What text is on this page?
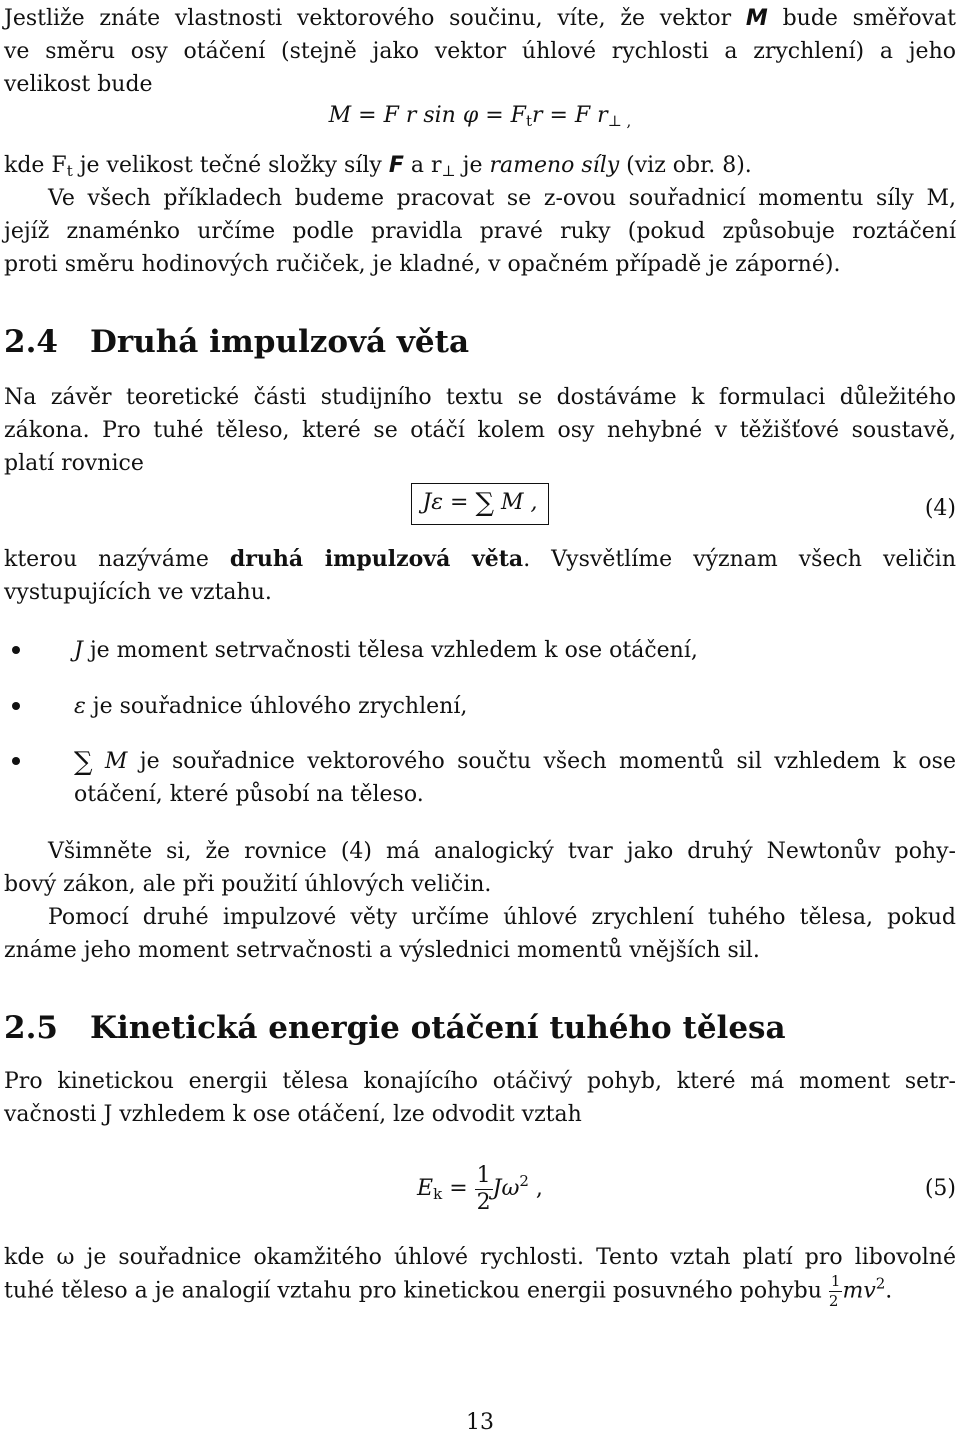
Jestliže znáte vlastnosti vektorového součinu, víte, že vektor M bude směřovat
ve směru osy otáčení (stejně jako vektor úhlové rychlosti a zrychlení) a jeho
velikost bude
M = F r $\sin \varphi = F_tr = F$ $r_{\perp ,}$
kde $F_t$ je velikost tečné složky síly F a $r_\perp$ je rameno síly (viz obr. 8).
Ve všech příkladech budeme pracovat se z-ovou souřadnicí momentu síly M,
jejíž znaménko určíme podle pravidla pravé ruky (pokud způsobuje roztáčení
proti směru hodinových ručiček, je kladné, v opačném případě je záporné).
2.4 Druhá impulzová věta
Na závěr teoretické části studijního textu se dostáváme k formulaci důležitého
zákona. Pro tuhé těleso, které se otáčí kolem osy nehybné v těžišťové soustavě,
platí rovnice
Jε = ∑ M ,	(4)
kterou nazýváme druhá impulzová věta. Vysvětlíme význam všech veličin
vystupujících ve vztahu.
J je moment setrvačnosti tělesa vzhledem k ose otáčení,
ε je souřadnice úhlového zrychlení,
∑ M je souřadnice vektorového součtu všech momentů sil vzhledem k ose
otáčení, které působí na těleso.
Všimněte si, že rovnice (4) má analogický tvar jako druhý Newtonův pohy-
bový zákon, ale při použití úhlových veličin.
Pomocí druhé impulzové věty určíme úhlové zrychlení tuhého tělesa, pokud
známe jeho moment setrvačnosti a výslednici momentů vnějších sil.
2.5 Kinetická energie otáčení tuhého tělesa
Pro kinetickou energii tělesa konajícího otáčivý pohyb, které má moment setr-
vačnosti J vzhledem k ose otáčení, lze odvodit vztah
$E_k = \frac{1}{2} J\omega^2$ ,	(5)
kde ω je souřadnice okamžitého úhlové rychlosti. Tento vztah platí pro libovolné
tuhé těleso a je analogií vztahu pro kinetickou energii posuvného pohybu $\frac{1}{2} mv^2$.
13
